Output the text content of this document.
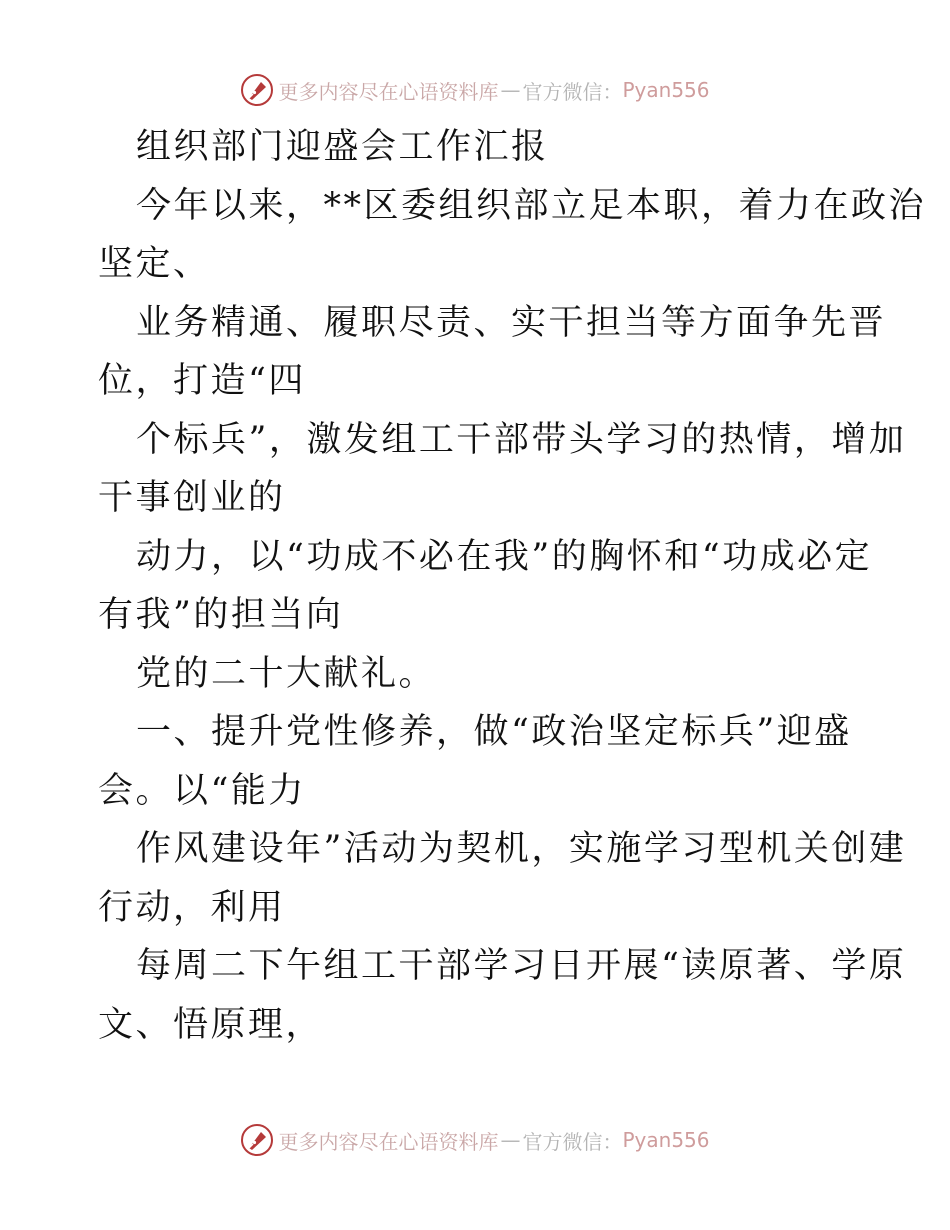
更多内容尽在心语资料库 — 官方微信： Pyan556
组织部门迎盛会工作汇报
今年以来，**区委组织部立足本职，着力在政治
坚定、
业务精通、履职尽责、实干担当等方面争先晋
位，打造“四
个标兵”，激发组工干部带头学习的热情，增加
干事创业的
动力，以“功成不必在我”的胸怀和“功成必定
有我”的担当向
党的二十大献礼。
一、提升党性修养，做“政治坚定标兵”迎盛
会。以“能力
作风建设年”活动为契机，实施学习型机关创建
行动，利用
每周二下午组工干部学习日开展“读原著、学原
文、悟原理，
更多内容尽在心语资料库 — 官方微信： Pyan556
